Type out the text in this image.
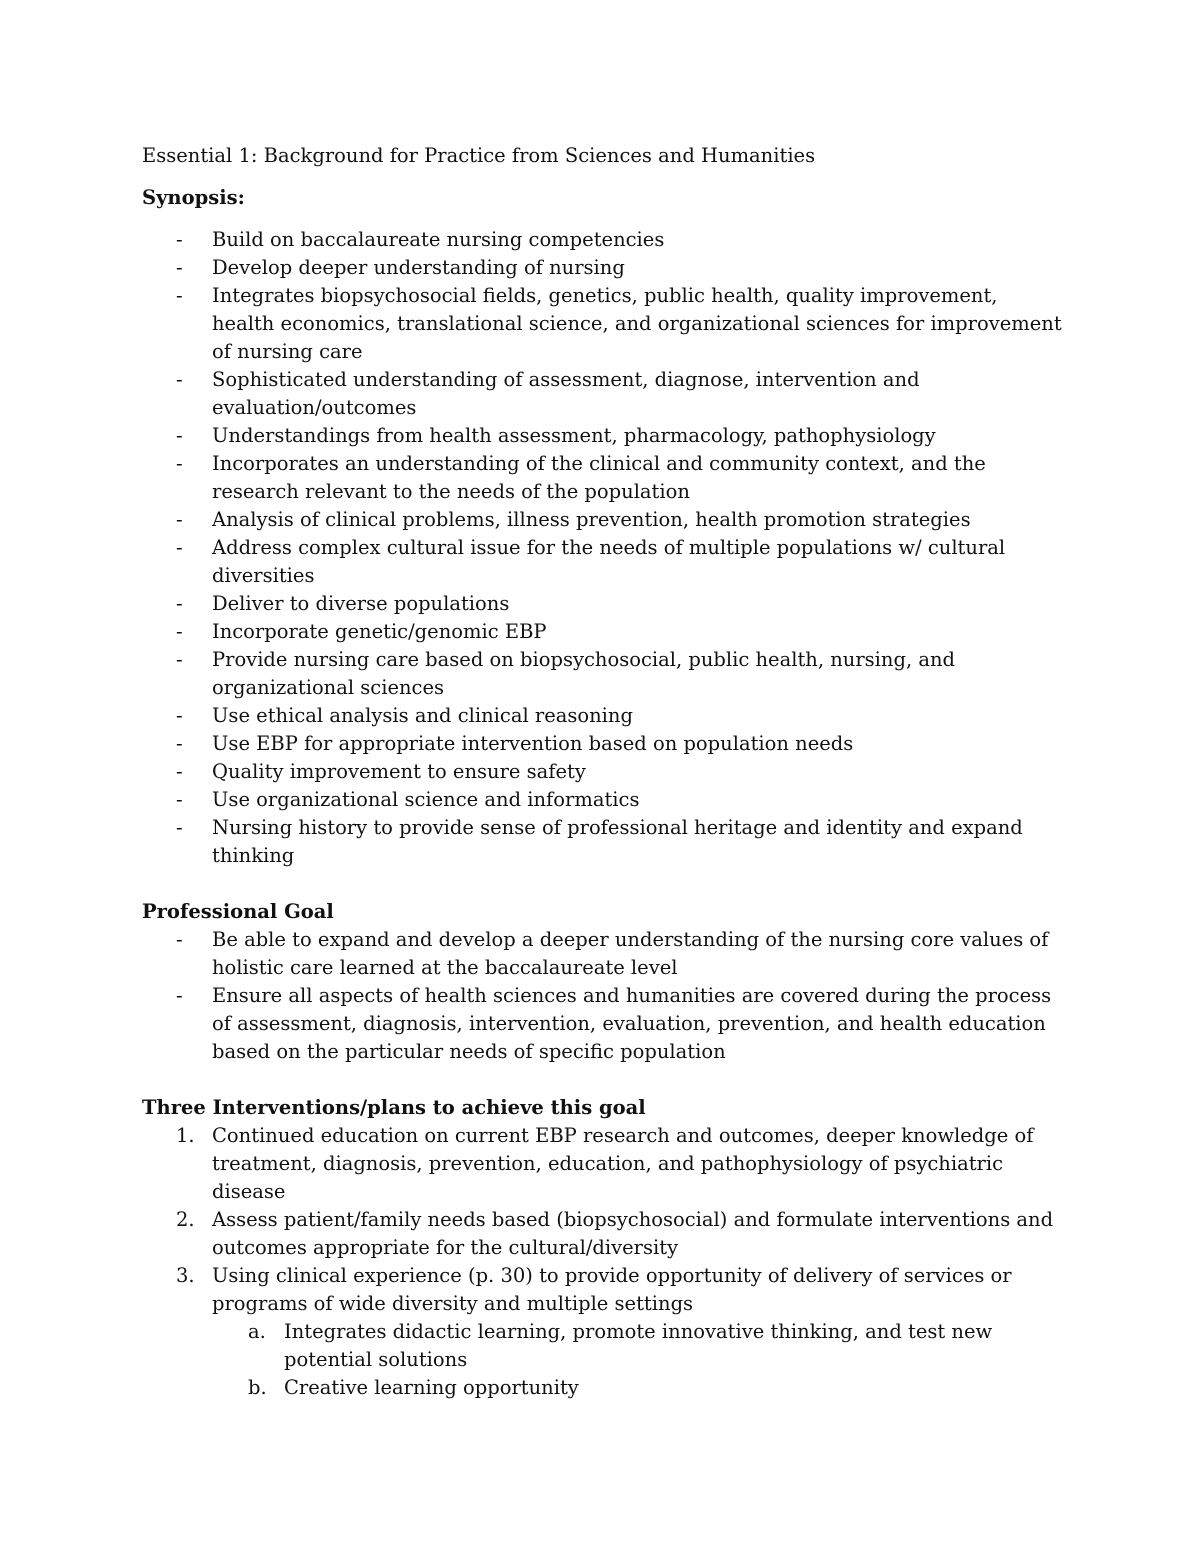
Essential 1: Background for Practice from Sciences and Humanities

Synopsis:

- Build on baccalaureate nursing competencies
- Develop deeper understanding of nursing
- Integrates biopsychosocial fields, genetics, public health, quality improvement, health economics, translational science, and organizational sciences for improvement of nursing care
- Sophisticated understanding of assessment, diagnose, intervention and evaluation/outcomes
- Understandings from health assessment, pharmacology, pathophysiology
- Incorporates an understanding of the clinical and community context, and the research relevant to the needs of the population
- Analysis of clinical problems, illness prevention, health promotion strategies
- Address complex cultural issue for the needs of multiple populations w/ cultural diversities
- Deliver to diverse populations
- Incorporate genetic/genomic EBP
- Provide nursing care based on biopsychosocial, public health, nursing, and organizational sciences
- Use ethical analysis and clinical reasoning
- Use EBP for appropriate intervention based on population needs
- Quality improvement to ensure safety
- Use organizational science and informatics
- Nursing history to provide sense of professional heritage and identity and expand thinking

Professional Goal

- Be able to expand and develop a deeper understanding of the nursing core values of holistic care learned at the baccalaureate level
- Ensure all aspects of health sciences and humanities are covered during the process of assessment, diagnosis, intervention, evaluation, prevention, and health education based on the particular needs of specific population

Three Interventions/plans to achieve this goal

1. Continued education on current EBP research and outcomes, deeper knowledge of treatment, diagnosis, prevention, education, and pathophysiology of psychiatric disease
2. Assess patient/family needs based (biopsychosocial) and formulate interventions and outcomes appropriate for the cultural/diversity
3. Using clinical experience (p. 30) to provide opportunity of delivery of services or programs of wide diversity and multiple settings
a. Integrates didactic learning, promote innovative thinking, and test new potential solutions
b. Creative learning opportunity
